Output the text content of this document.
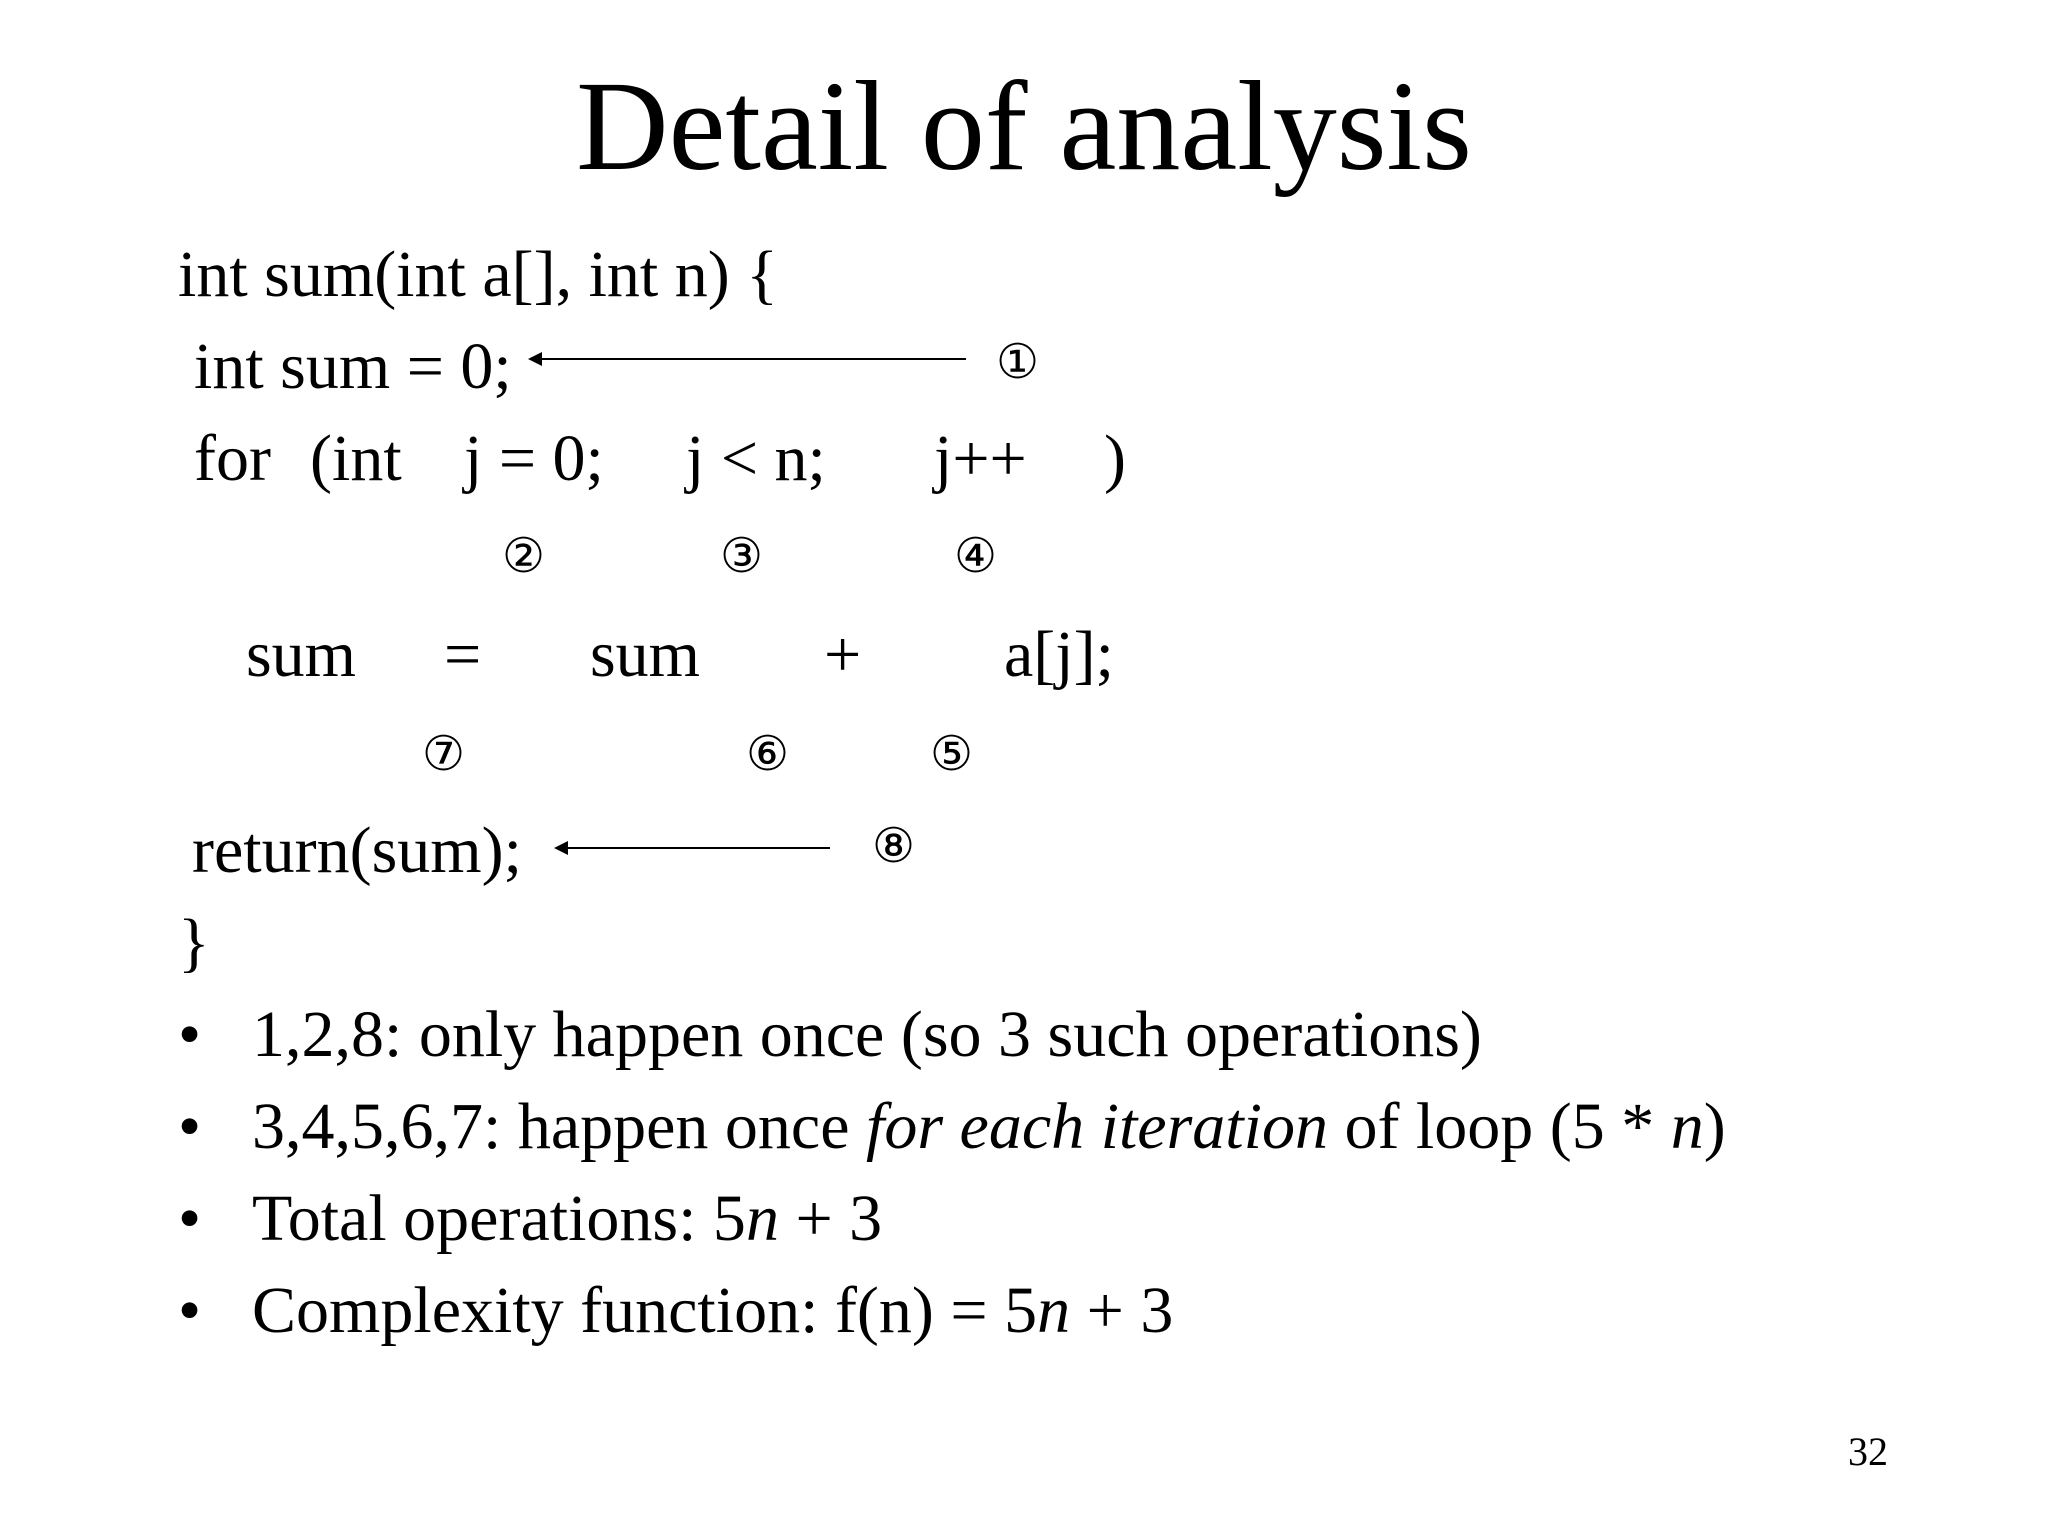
Detail of analysis
int sum(int a[], int n) {
int sum = 0;	①
for (int j = 0; j < n; j++ )
②	③	④
sum = sum + a[j];
⑦	⑥	⑤
return(sum);	⑧
}
• 1,2,8: only happen once (so 3 such operations)
• 3,4,5,6,7: happen once for each iteration of loop (5 * n)
• Total operations: 5n + 3
• Complexity function: f(n) = 5n + 3
32
